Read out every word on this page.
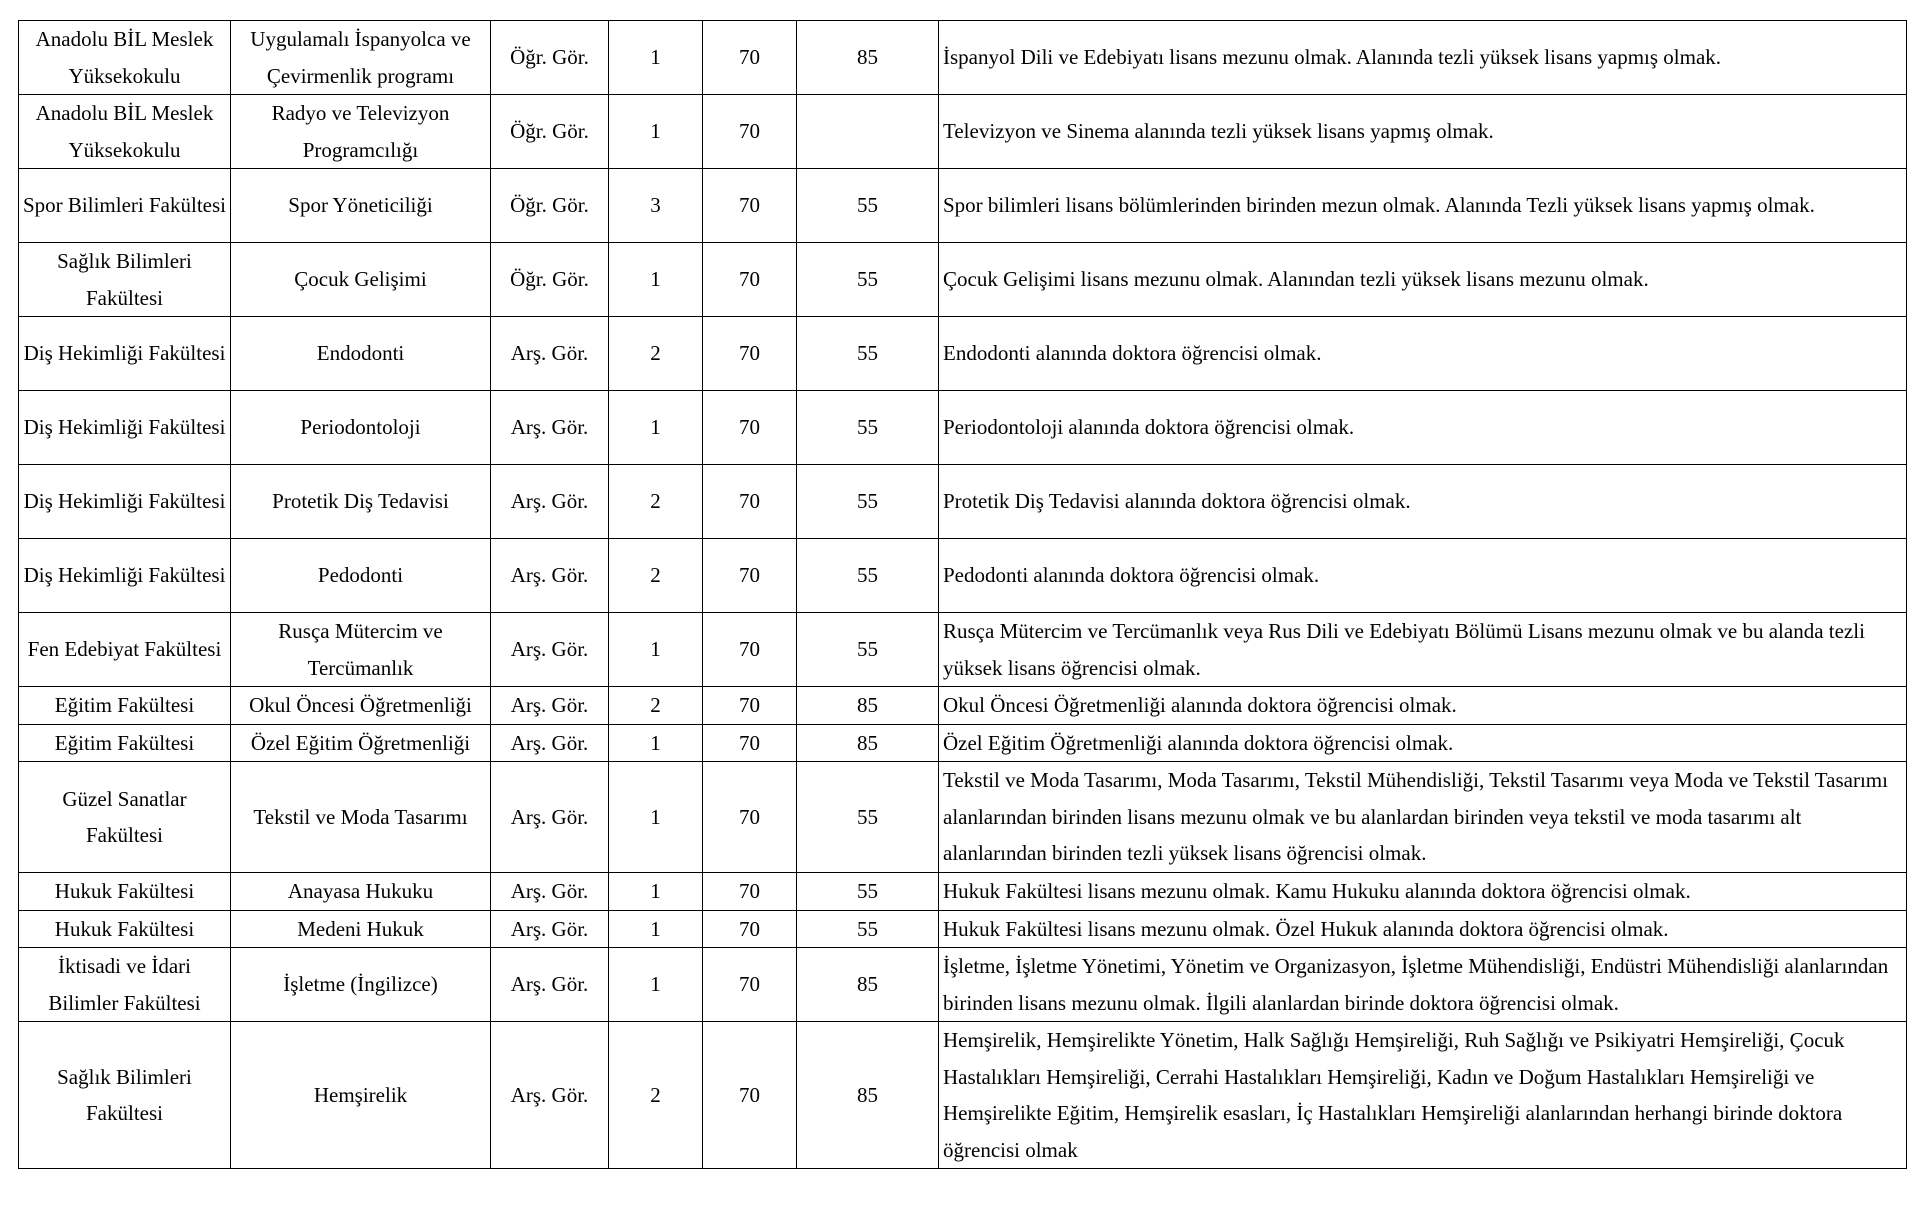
Anadolu BİL Meslek Yüksekokulu	Uygulamalı İspanyolca ve Çevirmenlik programı	Öğr. Gör.	1	70	85	İspanyol Dili ve Edebiyatı lisans mezunu olmak. Alanında tezli yüksek lisans yapmış olmak.
Anadolu BİL Meslek Yüksekokulu	Radyo ve Televizyon Programcılığı	Öğr. Gör.	1	70		Televizyon ve Sinema alanında tezli yüksek lisans yapmış olmak.
Spor Bilimleri Fakültesi	Spor Yöneticiliği	Öğr. Gör.	3	70	55	Spor bilimleri lisans bölümlerinden birinden mezun olmak. Alanında Tezli yüksek lisans yapmış olmak.
Sağlık Bilimleri Fakültesi	Çocuk Gelişimi	Öğr. Gör.	1	70	55	Çocuk Gelişimi lisans mezunu olmak. Alanından tezli yüksek lisans mezunu olmak.
Diş Hekimliği Fakültesi	Endodonti	Arş. Gör.	2	70	55	Endodonti alanında doktora öğrencisi olmak.
Diş Hekimliği Fakültesi	Periodontoloji	Arş. Gör.	1	70	55	Periodontoloji alanında doktora öğrencisi olmak.
Diş Hekimliği Fakültesi	Protetik Diş Tedavisi	Arş. Gör.	2	70	55	Protetik Diş Tedavisi alanında doktora öğrencisi olmak.
Diş Hekimliği Fakültesi	Pedodonti	Arş. Gör.	2	70	55	Pedodonti alanında doktora öğrencisi olmak.
Fen Edebiyat Fakültesi	Rusça Mütercim ve Tercümanlık	Arş. Gör.	1	70	55	Rusça Mütercim ve Tercümanlık veya Rus Dili ve Edebiyatı Bölümü Lisans mezunu olmak ve bu alanda tezli yüksek lisans öğrencisi olmak.
Eğitim Fakültesi	Okul Öncesi Öğretmenliği	Arş. Gör.	2	70	85	Okul Öncesi Öğretmenliği alanında doktora öğrencisi olmak.
Eğitim Fakültesi	Özel Eğitim Öğretmenliği	Arş. Gör.	1	70	85	Özel Eğitim Öğretmenliği alanında doktora öğrencisi olmak.
Güzel Sanatlar Fakültesi	Tekstil ve Moda Tasarımı	Arş. Gör.	1	70	55	Tekstil ve Moda Tasarımı, Moda Tasarımı, Tekstil Mühendisliği, Tekstil Tasarımı veya Moda ve Tekstil Tasarımı alanlarından birinden lisans mezunu olmak ve bu alanlardan birinden veya tekstil ve moda tasarımı alt alanlarından birinden tezli yüksek lisans öğrencisi olmak.
Hukuk Fakültesi	Anayasa Hukuku	Arş. Gör.	1	70	55	Hukuk Fakültesi lisans mezunu olmak. Kamu Hukuku alanında doktora öğrencisi olmak.
Hukuk Fakültesi	Medeni Hukuk	Arş. Gör.	1	70	55	Hukuk Fakültesi lisans mezunu olmak. Özel Hukuk alanında doktora öğrencisi olmak.
İktisadi ve İdari Bilimler Fakültesi	İşletme (İngilizce)	Arş. Gör.	1	70	85	İşletme, İşletme Yönetimi, Yönetim ve Organizasyon, İşletme Mühendisliği, Endüstri Mühendisliği alanlarından birinden lisans mezunu olmak. İlgili alanlardan birinde doktora öğrencisi olmak.
Sağlık Bilimleri Fakültesi	Hemşirelik	Arş. Gör.	2	70	85	Hemşirelik, Hemşirelikte Yönetim, Halk Sağlığı Hemşireliği, Ruh Sağlığı ve Psikiyatri Hemşireliği, Çocuk Hastalıkları Hemşireliği, Cerrahi Hastalıkları Hemşireliği, Kadın ve Doğum Hastalıkları Hemşireliği ve Hemşirelikte Eğitim, Hemşirelik esasları, İç Hastalıkları Hemşireliği alanlarından herhangi birinde doktora öğrencisi olmak
